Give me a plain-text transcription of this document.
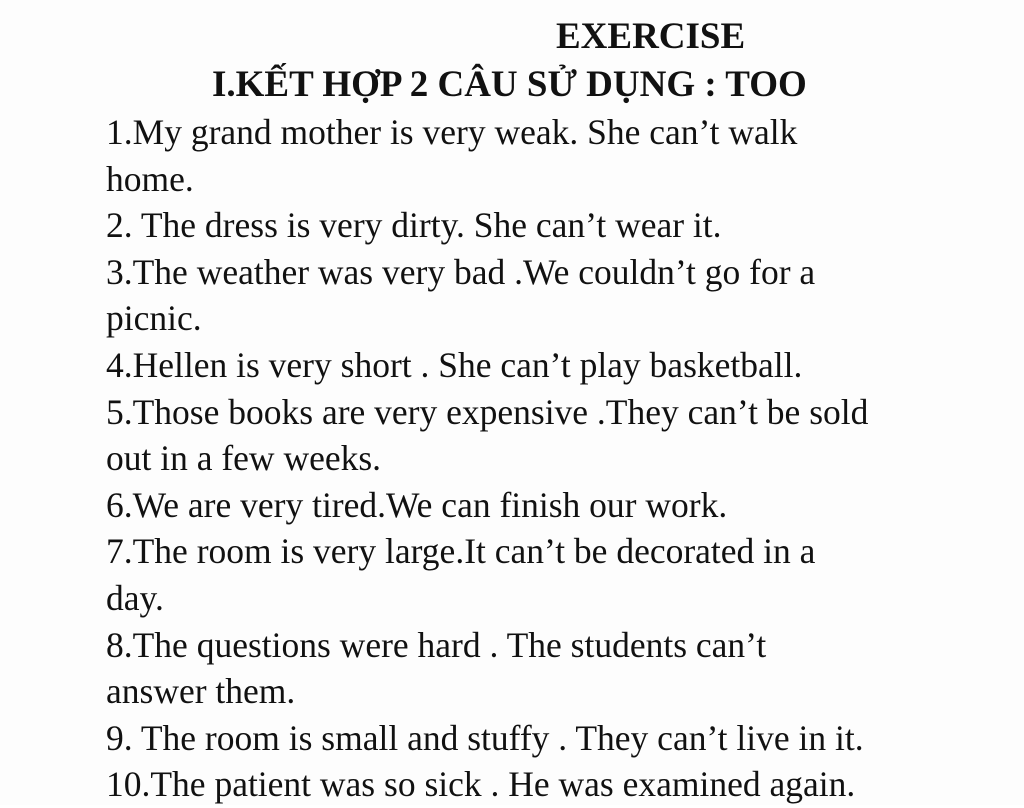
EXERCISE
I.KẾT HỢP 2 CÂU SỬ DỤNG : TOO
1.My grand mother is very weak. She can’t walk
home.
2. The dress is very dirty. She can’t wear it.
3.The weather was very bad .We couldn’t go for a
picnic.
4.Hellen is very short . She can’t play basketball.
5.Those books are very expensive .They can’t be sold
out in a few weeks.
6.We are very tired.We can finish our work.
7.The room is very large.It can’t be decorated in a
day.
8.The questions were hard . The students can’t
answer them.
9. The room is small and stuffy . They can’t live in it.
10.The patient was so sick . He was examined again.
